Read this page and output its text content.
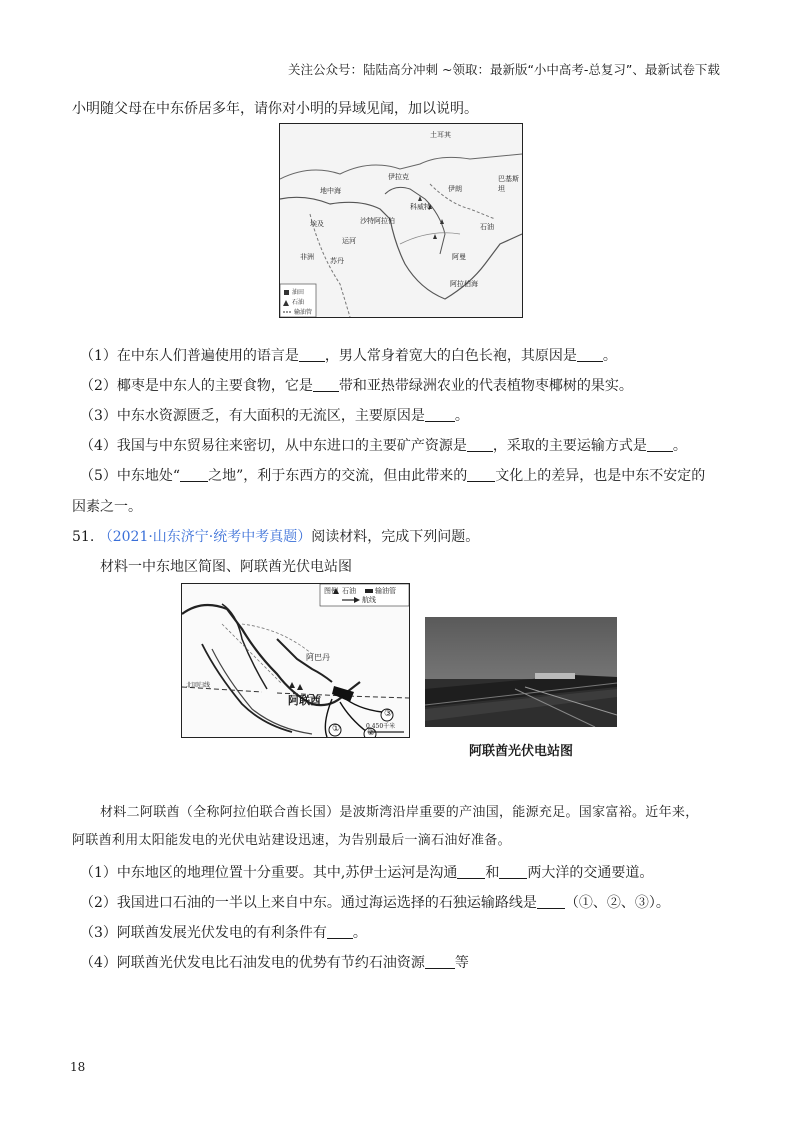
关注公众号：陆陆高分冲刺 ~领取：最新版“小中高考-总复习”、最新试卷下载
小明随父母在中东侨居多年，请你对小明的异域见闻，加以说明。
土耳其
伊拉克
伊朗
地中海
科威特
沙特阿拉伯
埃及
苏丹
阿拉伯海
非洲
巴基斯坦
阿曼
石油
运河
油田
石油
输油管
（1）在中东人们普遍使用的语言是 ，男人常身着宽大的白色长袍，其原因是 。
（2）椰枣是中东人的主要食物，它是 带和亚热带绿洲农业的代表植物枣椰树的果实。
（3）中东水资源匮乏，有大面积的无流区，主要原因是 。
（4）我国与中东贸易往来密切，从中东进口的主要矿产资源是 ，采取的主要运输方式是 。
（5）中东地处“ 之地”，利于东西方的交流，但由此带来的 文化上的差异，也是中东不安定的
因素之一。
51. （2021·山东济宁·统考中考真题）阅读材料，完成下列问题。
材料一中东地区简图、阿联酋光伏电站图
图例 石油	输油管
航线
阿巴丹
阿联酋
北回归线
①	②
③
0 450千米
阿联酋光伏电站图
材料二阿联酋（全称阿拉伯联合酋长国）是波斯湾沿岸重要的产油国，能源充足。国家富裕。近年来，
阿联酋利用太阳能发电的光伏电站建设迅速，为告别最后一滴石油好准备。
（1）中东地区的地理位置十分重要。其中,苏伊士运河是沟通 和 两大洋的交通要道。
（2）我国进口石油的一半以上来自中东。通过海运选择的石独运输路线是 （①、②、③）。
（3）阿联酋发展光伏发电的有利条件有 。
（4）阿联酋光伏发电比石油发电的优势有节约石油资源 等
18
